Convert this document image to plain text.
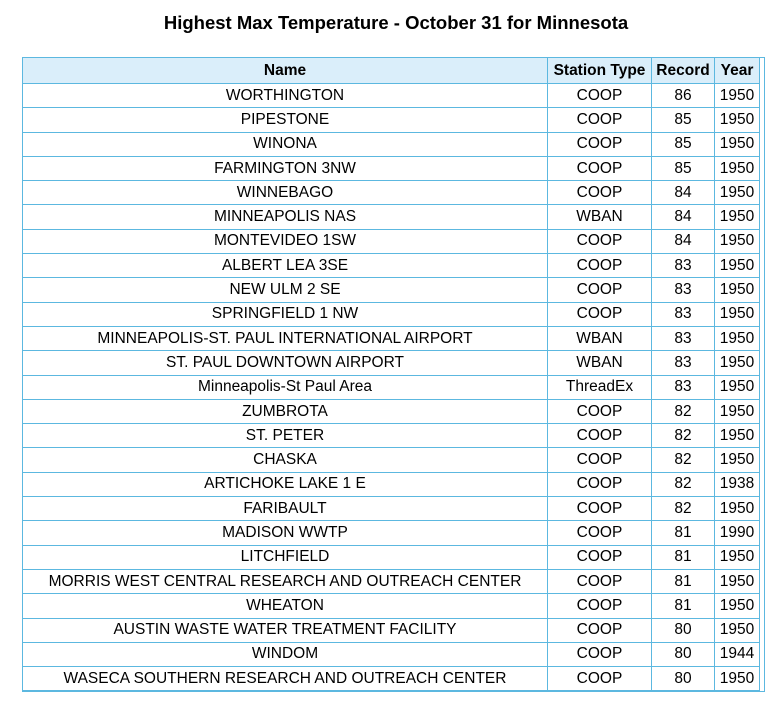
Highest Max Temperature - October 31 for Minnesota
Name	Station Type	Record	Year
WORTHINGTON	COOP	86	1950
PIPESTONE	COOP	85	1950
WINONA	COOP	85	1950
FARMINGTON 3NW	COOP	85	1950
WINNEBAGO	COOP	84	1950
MINNEAPOLIS NAS	WBAN	84	1950
MONTEVIDEO 1SW	COOP	84	1950
ALBERT LEA 3SE	COOP	83	1950
NEW ULM 2 SE	COOP	83	1950
SPRINGFIELD 1 NW	COOP	83	1950
MINNEAPOLIS-ST. PAUL INTERNATIONAL AIRPORT	WBAN	83	1950
ST. PAUL DOWNTOWN AIRPORT	WBAN	83	1950
Minneapolis-St Paul Area	ThreadEx	83	1950
ZUMBROTA	COOP	82	1950
ST. PETER	COOP	82	1950
CHASKA	COOP	82	1950
ARTICHOKE LAKE 1 E	COOP	82	1938
FARIBAULT	COOP	82	1950
MADISON WWTP	COOP	81	1990
LITCHFIELD	COOP	81	1950
MORRIS WEST CENTRAL RESEARCH AND OUTREACH CENTER	COOP	81	1950
WHEATON	COOP	81	1950
AUSTIN WASTE WATER TREATMENT FACILITY	COOP	80	1950
WINDOM	COOP	80	1944
WASECA SOUTHERN RESEARCH AND OUTREACH CENTER	COOP	80	1950
